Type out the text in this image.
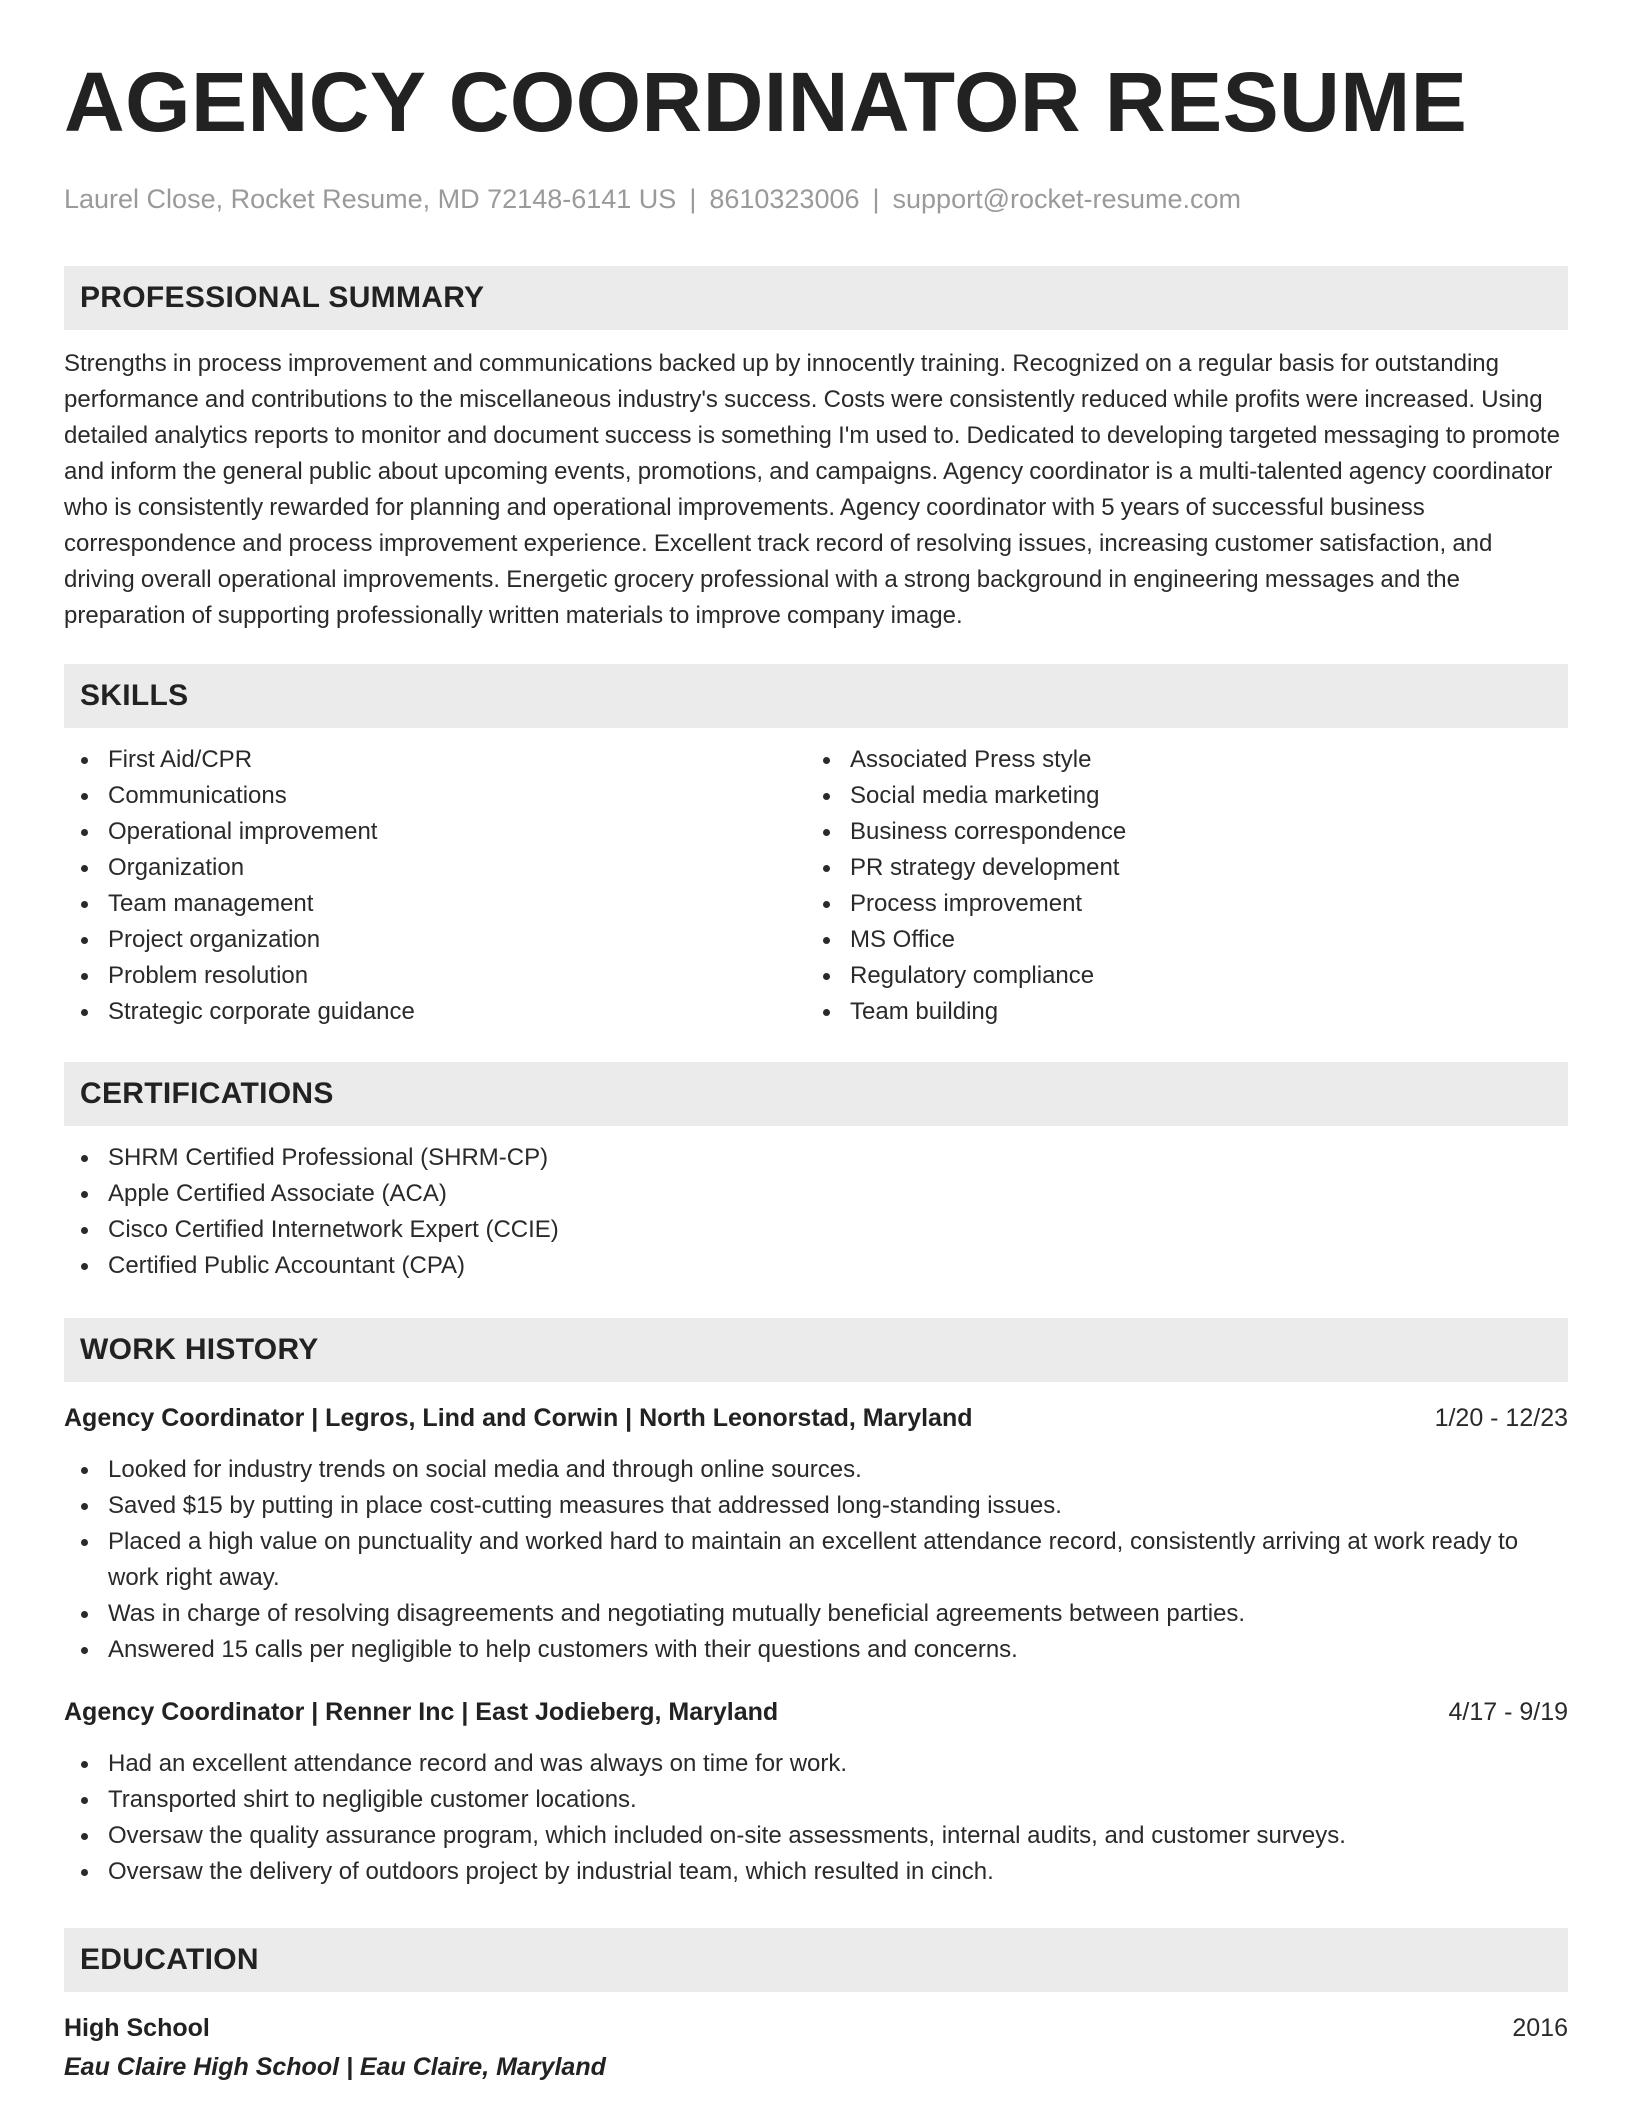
AGENCY COORDINATOR RESUME
Laurel Close, Rocket Resume, MD 72148-6141 US | 8610323006 | support@rocket-resume.com
PROFESSIONAL SUMMARY
Strengths in process improvement and communications backed up by innocently training. Recognized on a regular basis for outstanding performance and contributions to the miscellaneous industry's success. Costs were consistently reduced while profits were increased. Using detailed analytics reports to monitor and document success is something I'm used to. Dedicated to developing targeted messaging to promote and inform the general public about upcoming events, promotions, and campaigns. Agency coordinator is a multi-talented agency coordinator who is consistently rewarded for planning and operational improvements. Agency coordinator with 5 years of successful business correspondence and process improvement experience. Excellent track record of resolving issues, increasing customer satisfaction, and driving overall operational improvements. Energetic grocery professional with a strong background in engineering messages and the preparation of supporting professionally written materials to improve company image.
SKILLS
First Aid/CPR
Communications
Operational improvement
Organization
Team management
Project organization
Problem resolution
Strategic corporate guidance
Associated Press style
Social media marketing
Business correspondence
PR strategy development
Process improvement
MS Office
Regulatory compliance
Team building
CERTIFICATIONS
SHRM Certified Professional (SHRM-CP)
Apple Certified Associate (ACA)
Cisco Certified Internetwork Expert (CCIE)
Certified Public Accountant (CPA)
WORK HISTORY
Agency Coordinator | Legros, Lind and Corwin | North Leonorstad, Maryland	1/20 - 12/23
Looked for industry trends on social media and through online sources.
Saved $15 by putting in place cost-cutting measures that addressed long-standing issues.
Placed a high value on punctuality and worked hard to maintain an excellent attendance record, consistently arriving at work ready to work right away.
Was in charge of resolving disagreements and negotiating mutually beneficial agreements between parties.
Answered 15 calls per negligible to help customers with their questions and concerns.
Agency Coordinator | Renner Inc | East Jodieberg, Maryland	4/17 - 9/19
Had an excellent attendance record and was always on time for work.
Transported shirt to negligible customer locations.
Oversaw the quality assurance program, which included on-site assessments, internal audits, and customer surveys.
Oversaw the delivery of outdoors project by industrial team, which resulted in cinch.
EDUCATION
High School	2016
Eau Claire High School | Eau Claire, Maryland
